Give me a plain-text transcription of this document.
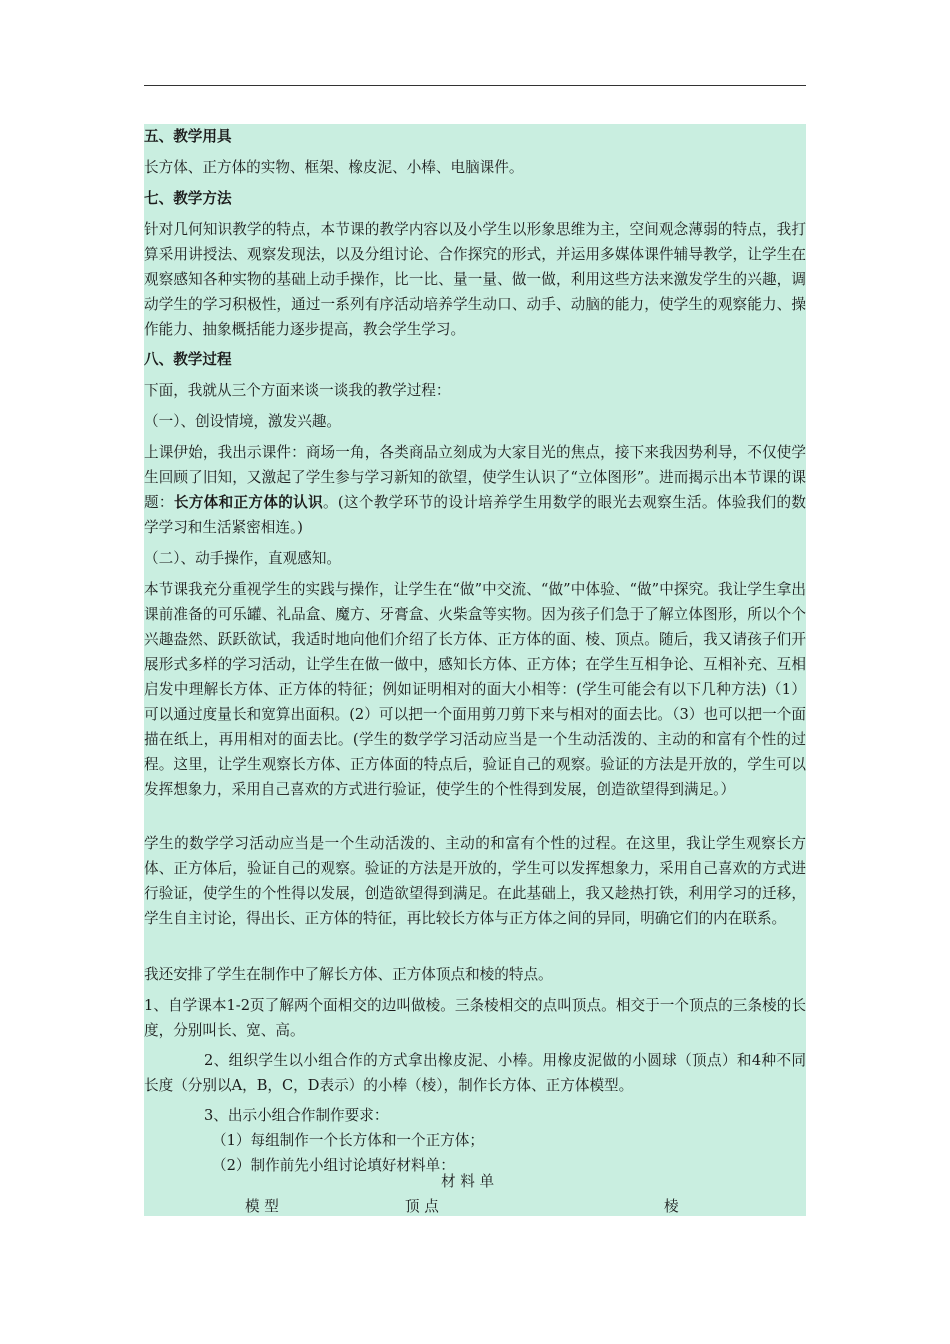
五、教学用具
长方体、正方体的实物、框架、橡皮泥、小棒、电脑课件。
七、教学方法
针对几何知识教学的特点，本节课的教学内容以及小学生以形象思维为主，空间观念薄弱的特点，我打算采用讲授法、观察发现法，以及分组讨论、合作探究的形式，并运用多媒体课件辅导教学，让学生在观察感知各种实物的基础上动手操作，比一比、量一量、做一做，利用这些方法来激发学生的兴趣，调动学生的学习积极性，通过一系列有序活动培养学生动口、动手、动脑的能力，使学生的观察能力、操作能力、抽象概括能力逐步提高，教会学生学习。
八、教学过程
下面，我就从三个方面来谈一谈我的教学过程：
（一）、创设情境，激发兴趣。
上课伊始，我出示课件：商场一角，各类商品立刻成为大家目光的焦点，接下来我因势利导，不仅使学生回顾了旧知，又激起了学生参与学习新知的欲望，使学生认识了“立体图形”。进而揭示出本节课的课题：长方体和正方体的认识。(这个教学环节的设计培养学生用数学的眼光去观察生活。体验我们的数学学习和生活紧密相连。)
（二）、动手操作，直观感知。
本节课我充分重视学生的实践与操作，让学生在“做”中交流、“做”中体验、“做”中探究。我让学生拿出课前准备的可乐罐、礼品盒、魔方、牙膏盒、火柴盒等实物。因为孩子们急于了解立体图形，所以个个兴趣盎然、跃跃欲试，我适时地向他们介绍了长方体、正方体的面、棱、顶点。随后，我又请孩子们开展形式多样的学习活动，让学生在做一做中，感知长方体、正方体；在学生互相争论、互相补充、互相启发中理解长方体、正方体的特征；例如证明相对的面大小相等：(学生可能会有以下几种方法)（1）可以通过度量长和宽算出面积。(2）可以把一个面用剪刀剪下来与相对的面去比。（3）也可以把一个面描在纸上，再用相对的面去比。(学生的数学学习活动应当是一个生动活泼的、主动的和富有个性的过程。这里，让学生观察长方体、正方体面的特点后，验证自己的观察。验证的方法是开放的，学生可以发挥想象力，采用自己喜欢的方式进行验证，使学生的个性得到发展，创造欲望得到满足。）
学生的数学学习活动应当是一个生动活泼的、主动的和富有个性的过程。在这里，我让学生观察长方体、正方体后，验证自己的观察。验证的方法是开放的，学生可以发挥想象力，采用自己喜欢的方式进行验证，使学生的个性得以发展，创造欲望得到满足。在此基础上，我又趁热打铁，利用学习的迁移，学生自主讨论，得出长、正方体的特征，再比较长方体与正方体之间的异同，明确它们的内在联系。
我还安排了学生在制作中了解长方体、正方体顶点和棱的特点。
1、自学课本1-2页了解两个面相交的边叫做棱。三条棱相交的点叫顶点。相交于一个顶点的三条棱的长度，分别叫长、宽、高。
2、组织学生以小组合作的方式拿出橡皮泥、小棒。用橡皮泥做的小圆球（顶点）和4种不同长度（分别以A，B，C，D表示）的小棒（棱），制作长方体、正方体模型。
3、出示小组合作制作要求：
（1）每组制作一个长方体和一个正方体；
（2）制作前先小组讨论填好材料单：
材 料 单
模 型	顶 点	棱
